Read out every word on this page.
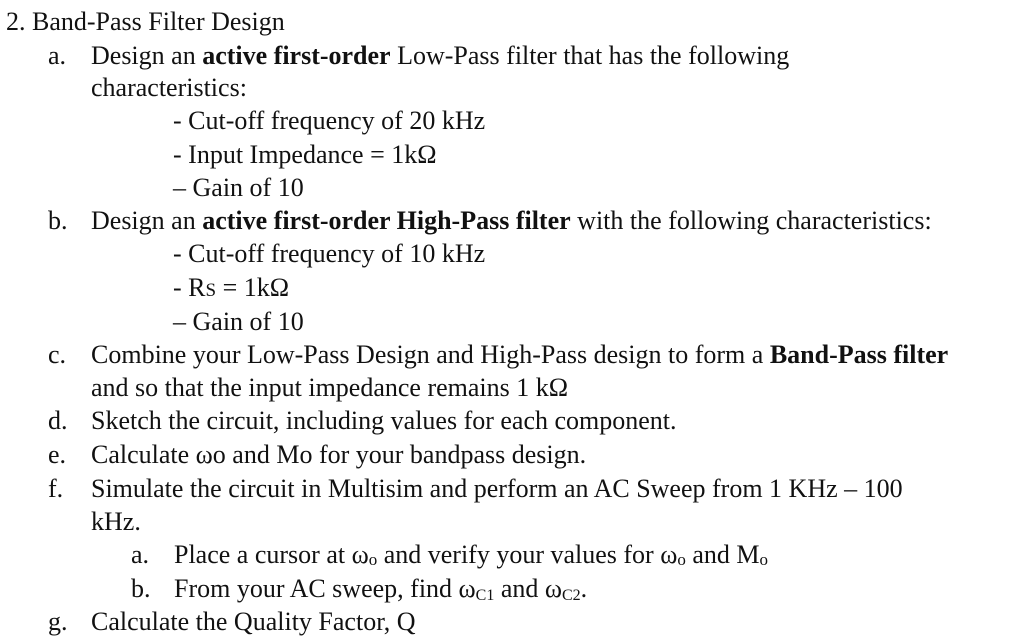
2. Band-Pass Filter Design
a. Design an active first-order Low-Pass filter that has the following
characteristics:
- Cut-off frequency of 20 kHz
- Input Impedance = 1kΩ
– Gain of 10
b. Design an active first-order High-Pass filter with the following characteristics:
- Cut-off frequency of 10 kHz
- RS = 1kΩ
– Gain of 10
c. Combine your Low-Pass Design and High-Pass design to form a Band-Pass filter
and so that the input impedance remains 1 kΩ
d. Sketch the circuit, including values for each component.
e. Calculate ωo and Mo for your bandpass design.
f. Simulate the circuit in Multisim and perform an AC Sweep from 1 KHz – 100
kHz.
a. Place a cursor at ωo and verify your values for ωo and Mo
b. From your AC sweep, find ωC1 and ωC2.
g. Calculate the Quality Factor, Q
